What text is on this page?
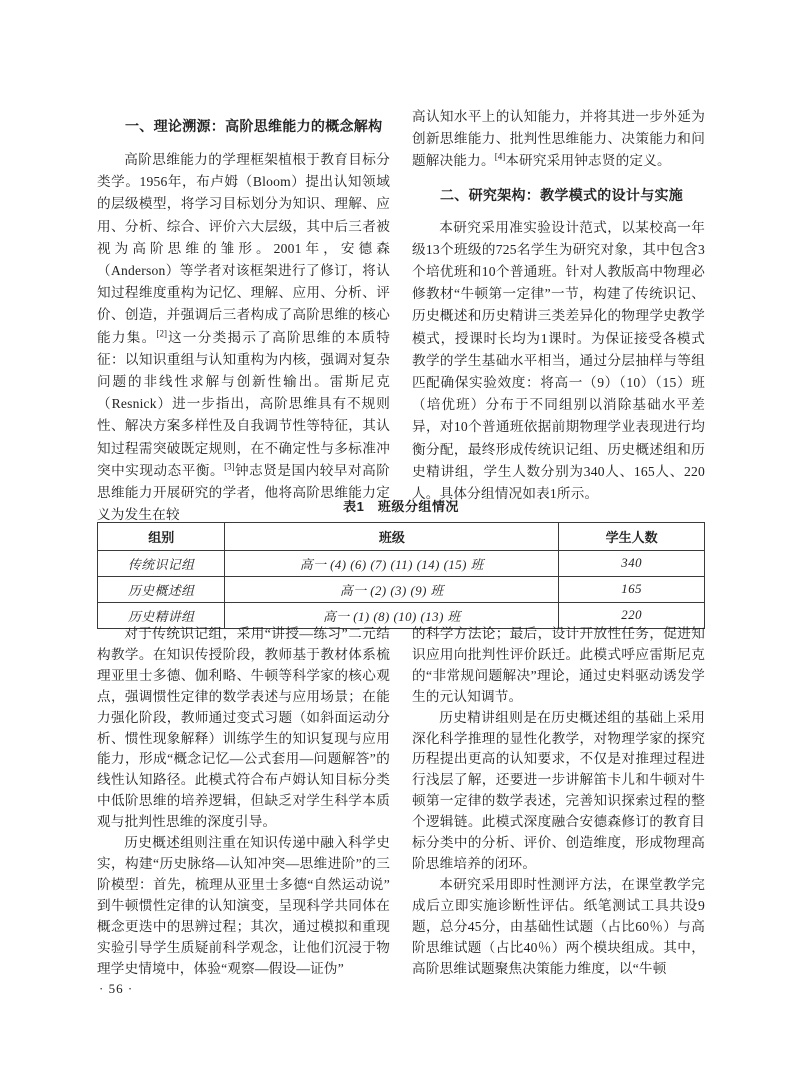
一、理论溯源：高阶思维能力的概念解构

高阶思维能力的学理框架植根于教育目标分类学。1956年，布卢姆（Bloom）提出认知领域的层级模型，将学习目标划分为知识、理解、应用、分析、综合、评价六大层级，其中后三者被视为高阶思维的雏形。2001年，安德森（Anderson）等学者对该框架进行了修订，将认知过程维度重构为记忆、理解、应用、分析、评价、创造，并强调后三者构成了高阶思维的核心能力集。[2]这一分类揭示了高阶思维的本质特征：以知识重组与认知重构为内核，强调对复杂问题的非线性求解与创新性输出。雷斯尼克（Resnick）进一步指出，高阶思维具有不规则性、解决方案多样性及自我调节性等特征，其认知过程需突破既定规则，在不确定性与多标准冲突中实现动态平衡。[3]钟志贤是国内较早对高阶思维能力开展研究的学者，他将高阶思维能力定义为发生在较

高认知水平上的认知能力，并将其进一步外延为创新思维能力、批判性思维能力、决策能力和问题解决能力。[4]本研究采用钟志贤的定义。

二、研究架构：教学模式的设计与实施

本研究采用准实验设计范式，以某校高一年级13个班级的725名学生为研究对象，其中包含3个培优班和10个普通班。针对人教版高中物理必修教材“牛顿第一定律”一节，构建了传统识记、历史概述和历史精讲三类差异化的物理学史教学模式，授课时长均为1课时。为保证接受各模式教学的学生基础水平相当，通过分层抽样与等组匹配确保实验效度：将高一（9）（10）（15）班（培优班）分布于不同组别以消除基础水平差异，对10个普通班依据前期物理学业表现进行均衡分配，最终形成传统识记组、历史概述组和历史精讲组，学生人数分别为340人、165人、220人。具体分组情况如表1所示。

表1　班级分组情况

组别	班级	学生人数
传统识记组	高一 (4) (6) (7) (11) (14) (15) 班	340
历史概述组	高一 (2) (3) (9) 班	165
历史精讲组	高一 (1) (8) (10) (13) 班	220

对于传统识记组，采用“讲授—练习”二元结构教学。在知识传授阶段，教师基于教材体系梳理亚里士多德、伽利略、牛顿等科学家的核心观点，强调惯性定律的数学表述与应用场景；在能力强化阶段，教师通过变式习题（如斜面运动分析、惯性现象解释）训练学生的知识复现与应用能力，形成“概念记忆—公式套用—问题解答”的线性认知路径。此模式符合布卢姆认知目标分类中低阶思维的培养逻辑，但缺乏对学生科学本质观与批判性思维的深度引导。

历史概述组则注重在知识传递中融入科学史实，构建“历史脉络—认知冲突—思维进阶”的三阶模型：首先，梳理从亚里士多德“自然运动说”到牛顿惯性定律的认知演变，呈现科学共同体在概念更迭中的思辨过程；其次，通过模拟和重现实验引导学生质疑前科学观念，让他们沉浸于物理学史情境中，体验“观察—假设—证伪”

的科学方法论；最后，设计开放性任务，促进知识应用向批判性评价跃迁。此模式呼应雷斯尼克的“非常规问题解决”理论，通过史料驱动诱发学生的元认知调节。

历史精讲组则是在历史概述组的基础上采用深化科学推理的显性化教学，对物理学家的探究历程提出更高的认知要求，不仅是对推理过程进行浅层了解，还要进一步讲解笛卡儿和牛顿对牛顿第一定律的数学表述，完善知识探索过程的整个逻辑链。此模式深度融合安德森修订的教育目标分类中的分析、评价、创造维度，形成物理高阶思维培养的闭环。

本研究采用即时性测评方法，在课堂教学完成后立即实施诊断性评估。纸笔测试工具共设9题，总分45分，由基础性试题（占比60％）与高阶思维试题（占比40％）两个模块组成。其中，高阶思维试题聚焦决策能力维度，以“牛顿

· 56 ·
